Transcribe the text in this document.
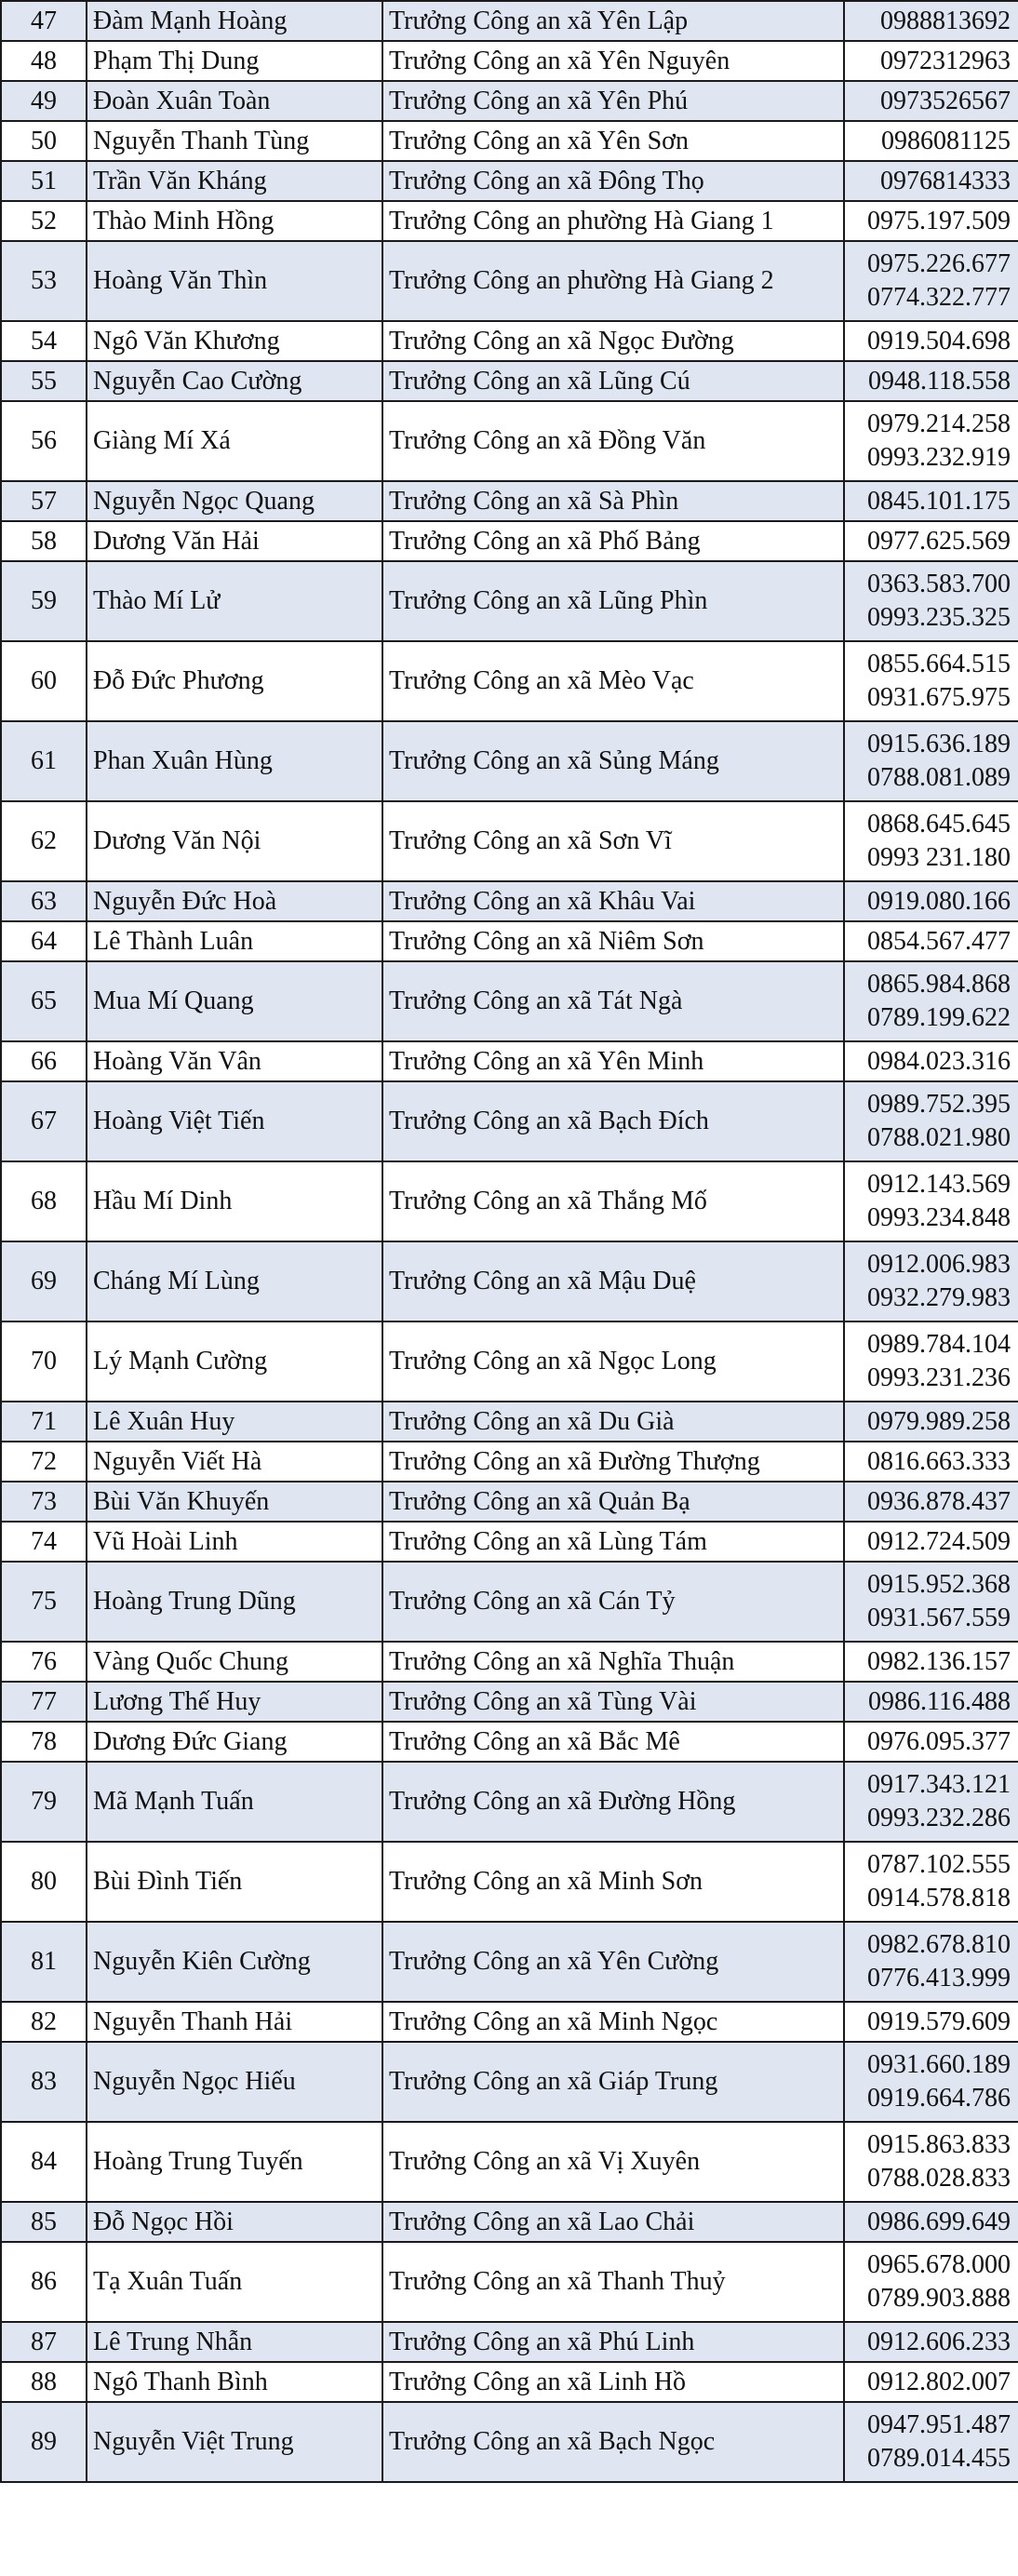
47	Đàm Mạnh Hoàng	Trưởng Công an xã Yên Lập	0988813692

48	Phạm Thị Dung	Trưởng Công an xã Yên Nguyên	0972312963

49	Đoàn Xuân Toàn	Trưởng Công an xã Yên Phú	0973526567

50	Nguyễn Thanh Tùng	Trưởng Công an xã Yên Sơn	0986081125

51	Trần Văn Kháng	Trưởng Công an xã Đông Thọ	0976814333

52	Thào Minh Hồng	Trưởng Công an phường Hà Giang 1	0975.197.509

53	Hoàng Văn Thìn	Trưởng Công an phường Hà Giang 2	0975.226.677
0774.322.777

54	Ngô Văn Khương	Trưởng Công an xã Ngọc Đường	0919.504.698

55	Nguyễn Cao Cường	Trưởng Công an xã Lũng Cú	0948.118.558

56	Giàng Mí Xá	Trưởng Công an xã Đồng Văn	0979.214.258
0993.232.919

57	Nguyễn Ngọc Quang	Trưởng Công an xã Sà Phìn	0845.101.175

58	Dương Văn Hải	Trưởng Công an xã Phố Bảng	0977.625.569

59	Thào Mí Lử	Trưởng Công an xã Lũng Phìn	0363.583.700
0993.235.325

60	Đỗ Đức Phương	Trưởng Công an xã Mèo Vạc	0855.664.515
0931.675.975

61	Phan Xuân Hùng	Trưởng Công an xã Sủng Máng	0915.636.189
0788.081.089

62	Dương Văn Nội	Trưởng Công an xã Sơn Vĩ	0868.645.645
0993 231.180

63	Nguyễn Đức Hoà	Trưởng Công an xã Khâu Vai	0919.080.166

64	Lê Thành Luân	Trưởng Công an xã Niêm Sơn	0854.567.477

65	Mua Mí Quang	Trưởng Công an xã Tát Ngà	0865.984.868
0789.199.622

66	Hoàng Văn Vân	Trưởng Công an xã Yên Minh	0984.023.316

67	Hoàng Việt Tiến	Trưởng Công an xã Bạch Đích	0989.752.395
0788.021.980

68	Hầu Mí Dinh	Trưởng Công an xã Thắng Mố	0912.143.569
0993.234.848

69	Cháng Mí Lùng	Trưởng Công an xã Mậu Duệ	0912.006.983
0932.279.983

70	Lý Mạnh Cường	Trưởng Công an xã Ngọc Long	0989.784.104
0993.231.236

71	Lê Xuân Huy	Trưởng Công an xã Du Già	0979.989.258

72	Nguyễn Viết Hà	Trưởng Công an xã Đường Thượng	0816.663.333

73	Bùi Văn Khuyến	Trưởng Công an xã Quản Bạ	0936.878.437

74	Vũ Hoài Linh	Trưởng Công an xã Lùng Tám	0912.724.509

75	Hoàng Trung Dũng	Trưởng Công an xã Cán Tỷ	0915.952.368
0931.567.559

76	Vàng Quốc Chung	Trưởng Công an xã Nghĩa Thuận	0982.136.157

77	Lương Thế Huy	Trưởng Công an xã Tùng Vài	0986.116.488

78	Dương Đức Giang	Trưởng Công an xã Bắc Mê	0976.095.377

79	Mã Mạnh Tuấn	Trưởng Công an xã Đường Hồng	0917.343.121
0993.232.286

80	Bùi Đình Tiến	Trưởng Công an xã Minh Sơn	0787.102.555
0914.578.818

81	Nguyễn Kiên Cường	Trưởng Công an xã Yên Cường	0982.678.810
0776.413.999

82	Nguyễn Thanh Hải	Trưởng Công an xã Minh Ngọc	0919.579.609

83	Nguyễn Ngọc Hiếu	Trưởng Công an xã Giáp Trung	0931.660.189
0919.664.786

84	Hoàng Trung Tuyến	Trưởng Công an xã Vị Xuyên	0915.863.833
0788.028.833

85	Đỗ Ngọc Hồi	Trưởng Công an xã Lao Chải	0986.699.649

86	Tạ Xuân Tuấn	Trưởng Công an xã Thanh Thuỷ	0965.678.000
0789.903.888

87	Lê Trung Nhẫn	Trưởng Công an xã Phú Linh	0912.606.233

88	Ngô Thanh Bình	Trưởng Công an xã Linh Hồ	0912.802.007

89	Nguyễn Việt Trung	Trưởng Công an xã Bạch Ngọc	0947.951.487
0789.014.455
